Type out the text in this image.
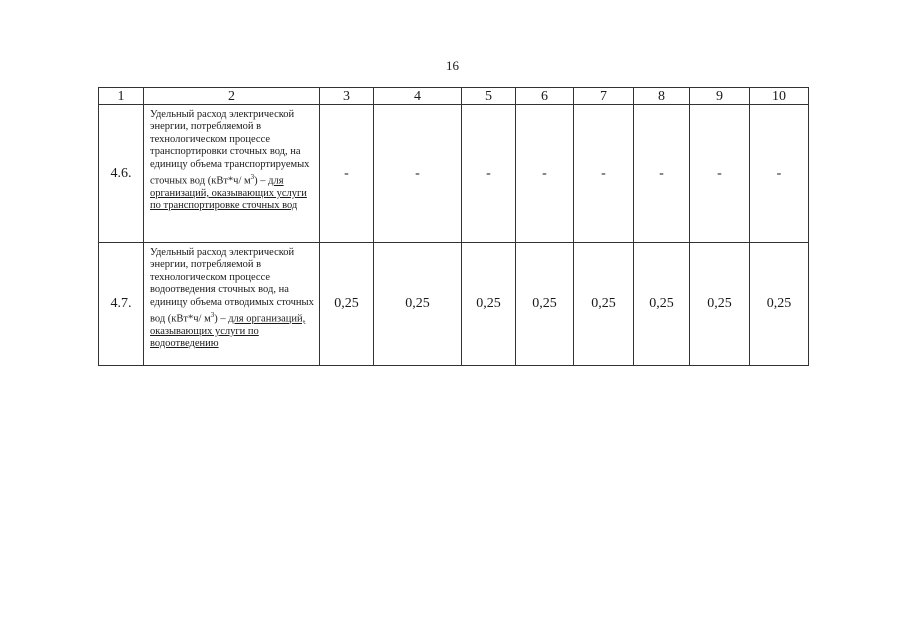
16
1	2	3	4	5	6	7	8	9	10
4.6.	Удельный расход электрической энергии, потребляемой в технологическом процессе транспортировки сточных вод, на единицу объема транспортируемых сточных вод (кВт*ч/ $м^3$) – для организаций, оказывающих услуги по транспортировке сточных вод	-	-	-	-	-	-	-	-
4.7.	Удельный расход электрической энергии, потребляемой в технологическом процессе водоотведения сточных вод, на единицу объема отводимых сточных вод (кВт*ч/ $м^3$) – для организаций, оказывающих услуги по водоотведению	0,25	0,25	0,25	0,25	0,25	0,25	0,25	0,25
